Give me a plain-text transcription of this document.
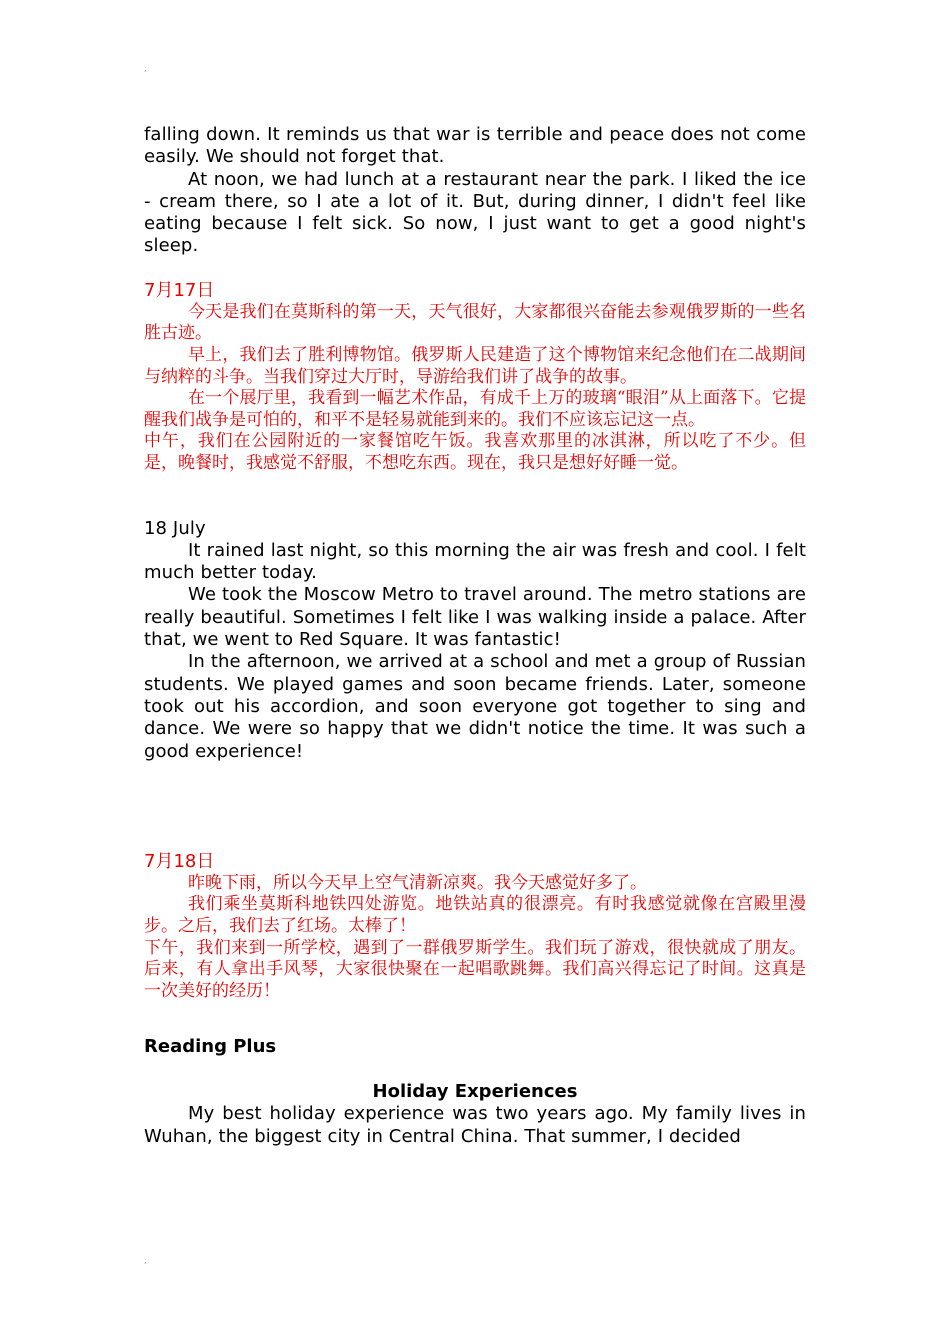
˰

falling down. It reminds us that war is terrible and peace does not come easily. We should not forget that.

At noon, we had lunch at a restaurant near the park. I liked the ice - cream there, so I ate a lot of it. But, during dinner, I didn't feel like eating because I felt sick. So now, I just want to get a good night's sleep.

7月17日

今天是我们在莫斯科的第一天，天气很好，大家都很兴奋能去参观俄罗斯的一些名胜古迹。

早上，我们去了胜利博物馆。俄罗斯人民建造了这个博物馆来纪念他们在二战期间与纳粹的斗争。当我们穿过大厅时，导游给我们讲了战争的故事。

在一个展厅里，我看到一幅艺术作品，有成千上万的玻璃“眼泪”从上面落下。它提醒我们战争是可怕的，和平不是轻易就能到来的。我们不应该忘记这一点。

中午，我们在公园附近的一家餐馆吃午饭。我喜欢那里的冰淇淋，所以吃了不少。但是，晚餐时，我感觉不舒服，不想吃东西。现在，我只是想好好睡一觉。

18 July

It rained last night, so this morning the air was fresh and cool. I felt much better today.

We took the Moscow Metro to travel around. The metro stations are really beautiful. Sometimes I felt like I was walking inside a palace. After that, we went to Red Square. It was fantastic!

In the afternoon, we arrived at a school and met a group of Russian students. We played games and soon became friends. Later, someone took out his accordion, and soon everyone got together to sing and dance. We were so happy that we didn't notice the time. It was such a good experience!

7月18日

昨晚下雨，所以今天早上空气清新凉爽。我今天感觉好多了。

我们乘坐莫斯科地铁四处游览。地铁站真的很漂亮。有时我感觉就像在宫殿里漫步。之后，我们去了红场。太棒了！

下午，我们来到一所学校，遇到了一群俄罗斯学生。我们玩了游戏，很快就成了朋友。后来，有人拿出手风琴，大家很快聚在一起唱歌跳舞。我们高兴得忘记了时间。这真是一次美好的经历！

Reading Plus

Holiday Experiences

My best holiday experience was two years ago. My family lives in Wuhan, the biggest city in Central China. That summer, I decided

˰
